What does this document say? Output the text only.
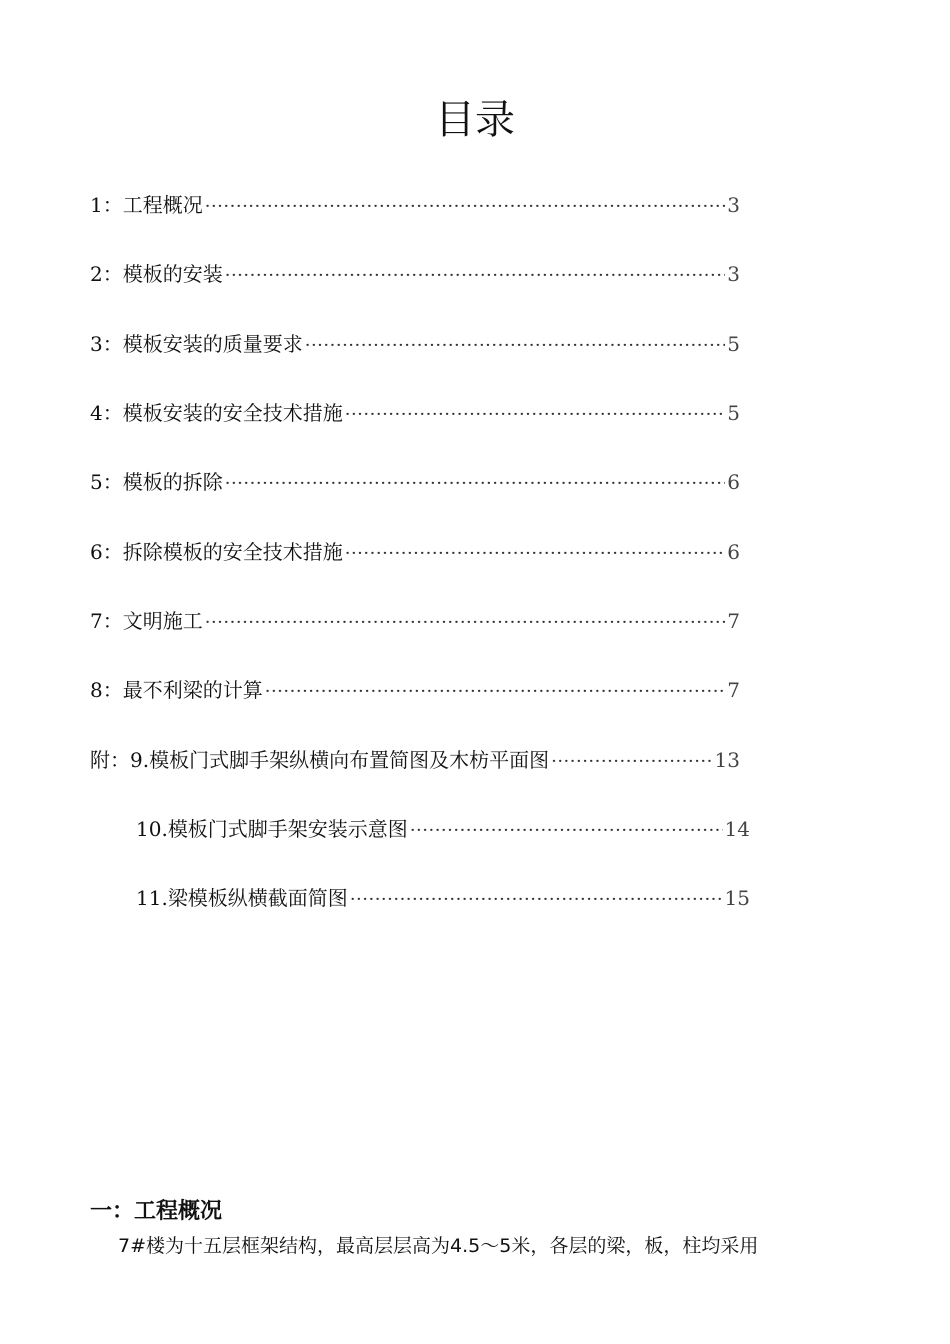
目录
1： 工程概况 ·····	3
2： 模板的安装 ·····	3
3： 模板安装的质量要求 ·····	5
4： 模板安装的安全技术措施 ·····	5
5： 模板的拆除 ·····	6
6： 拆除模板的安全技术措施 ·····	6
7： 文明施工 ·····	7
8： 最不利梁的计算 ·····	7
附：9. 模板门式脚手架纵横向布置简图及木枋平面图 ·····	13
10. 模板门式脚手架安装示意图 ·····	14
11. 梁模板纵横截面简图 ·····	15
一：工程概况
7#楼为十五层框架结构，最高层层高为4.5～5米，各层的梁，板，柱均采用
